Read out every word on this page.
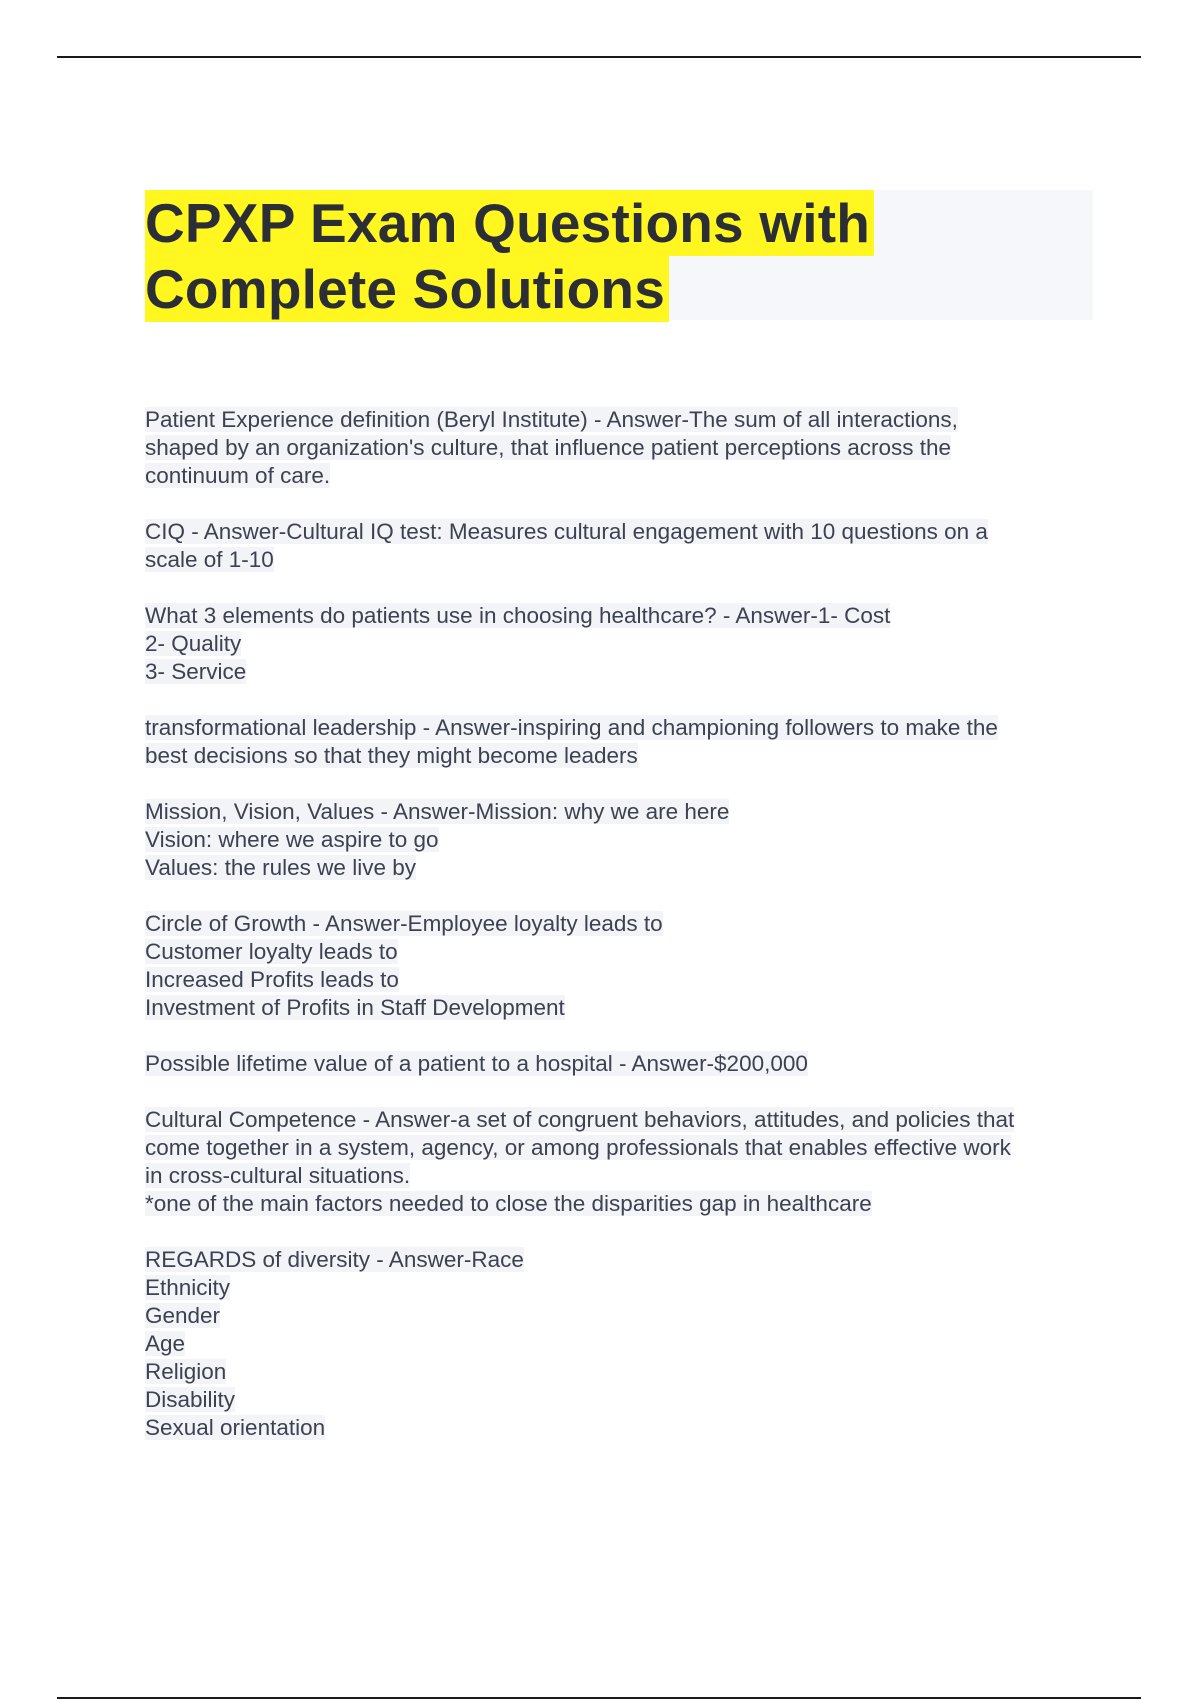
CPXP Exam Questions with
Complete Solutions
Patient Experience definition (Beryl Institute) - Answer-The sum of all interactions,
shaped by an organization's culture, that influence patient perceptions across the
continuum of care.
CIQ - Answer-Cultural IQ test: Measures cultural engagement with 10 questions on a
scale of 1-10
What 3 elements do patients use in choosing healthcare? - Answer-1- Cost
2- Quality
3- Service
transformational leadership - Answer-inspiring and championing followers to make the
best decisions so that they might become leaders
Mission, Vision, Values - Answer-Mission: why we are here
Vision: where we aspire to go
Values: the rules we live by
Circle of Growth - Answer-Employee loyalty leads to
Customer loyalty leads to
Increased Profits leads to
Investment of Profits in Staff Development
Possible lifetime value of a patient to a hospital - Answer-$200,000
Cultural Competence - Answer-a set of congruent behaviors, attitudes, and policies that
come together in a system, agency, or among professionals that enables effective work
in cross-cultural situations.
*one of the main factors needed to close the disparities gap in healthcare
REGARDS of diversity - Answer-Race
Ethnicity
Gender
Age
Religion
Disability
Sexual orientation
